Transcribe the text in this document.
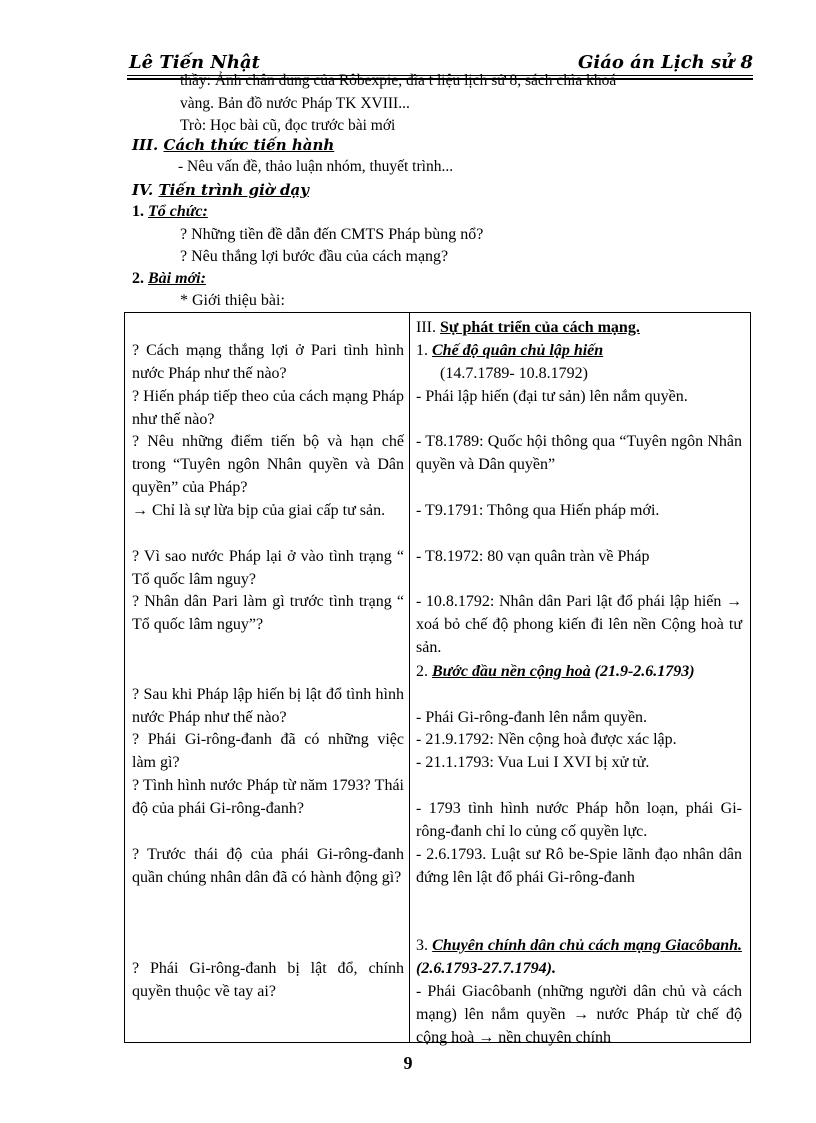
Lê Tiến Nhật	Giáo án Lịch sử 8
thầy: Ảnh chân dung của Rôbexpie, đĩa t liệu lịch sử 8, sách chìa khoá
vàng. Bản đồ nước Pháp TK XVIII...
Trò: Học bài cũ, đọc trước bài mới
III. Cách thức tiến hành
- Nêu vấn đề, thảo luận nhóm, thuyết trình...
IV. Tiến trình giờ dạy
1. Tổ chức:
? Những tiền đề dẫn đến CMTS Pháp bùng nổ?
? Nêu thắng lợi bước đầu của cách mạng?
2. Bài mới:
* Giới thiệu bài:
? Cách mạng thắng lợi ở Pari tình hình nước Pháp như thế nào?
? Hiến pháp tiếp theo của cách mạng Pháp như thế nào?
? Nêu những điểm tiến bộ và hạn chế trong “Tuyên ngôn Nhân quyền và Dân quyền” của Pháp?
→ Chỉ là sự lừa bịp của giai cấp tư sản.
? Vì sao nước Pháp lại ở vào tình trạng “ Tổ quốc lâm nguy?
? Nhân dân Pari làm gì trước tình trạng “ Tổ quốc lâm nguy”?
? Sau khi Pháp lập hiến bị lật đổ tình hình nước Pháp như thế nào?
? Phái Gi-rông-đanh đã có những việc làm gì?
? Tình hình nước Pháp từ năm 1793? Thái độ của phái Gi-rông-đanh?
? Trước thái độ của phái Gi-rông-đanh quần chúng nhân dân đã có hành động gì?
? Phái Gi-rông-đanh bị lật đổ, chính quyền thuộc về tay ai?
III. Sự phát triển của cách mạng.
1. Chế độ quân chủ lập hiến
(14.7.1789- 10.8.1792)
- Phái lập hiến (đại tư sản) lên nắm quyền.
- T8.1789: Quốc hội thông qua “Tuyên ngôn Nhân quyền và Dân quyền”
- T9.1791: Thông qua Hiến pháp mới.
- T8.1972: 80 vạn quân tràn về Pháp
- 10.8.1792: Nhân dân Pari lật đổ phái lập hiến → xoá bỏ chế độ phong kiến đi lên nền Cộng hoà tư sản.
2. Bước đầu nền cộng hoà (21.9-2.6.1793)
- Phái Gi-rông-đanh lên nắm quyền.
- 21.9.1792: Nền cộng hoà được xác lập.
- 21.1.1793: Vua Lui I XVI bị xử tử.
- 1793 tình hình nước Pháp hỗn loạn, phái Gi-rông-đanh chỉ lo củng cố quyền lực.
- 2.6.1793. Luật sư Rô be-Spie lãnh đạo nhân dân đứng lên lật đổ phái Gi-rông-đanh
3. Chuyên chính dân chủ cách mạng Giacôbanh. (2.6.1793-27.7.1794).
- Phái Giacôbanh (những người dân chủ và cách mạng) lên nắm quyền → nước Pháp từ chế độ cộng hoà → nền chuyên chính
9
